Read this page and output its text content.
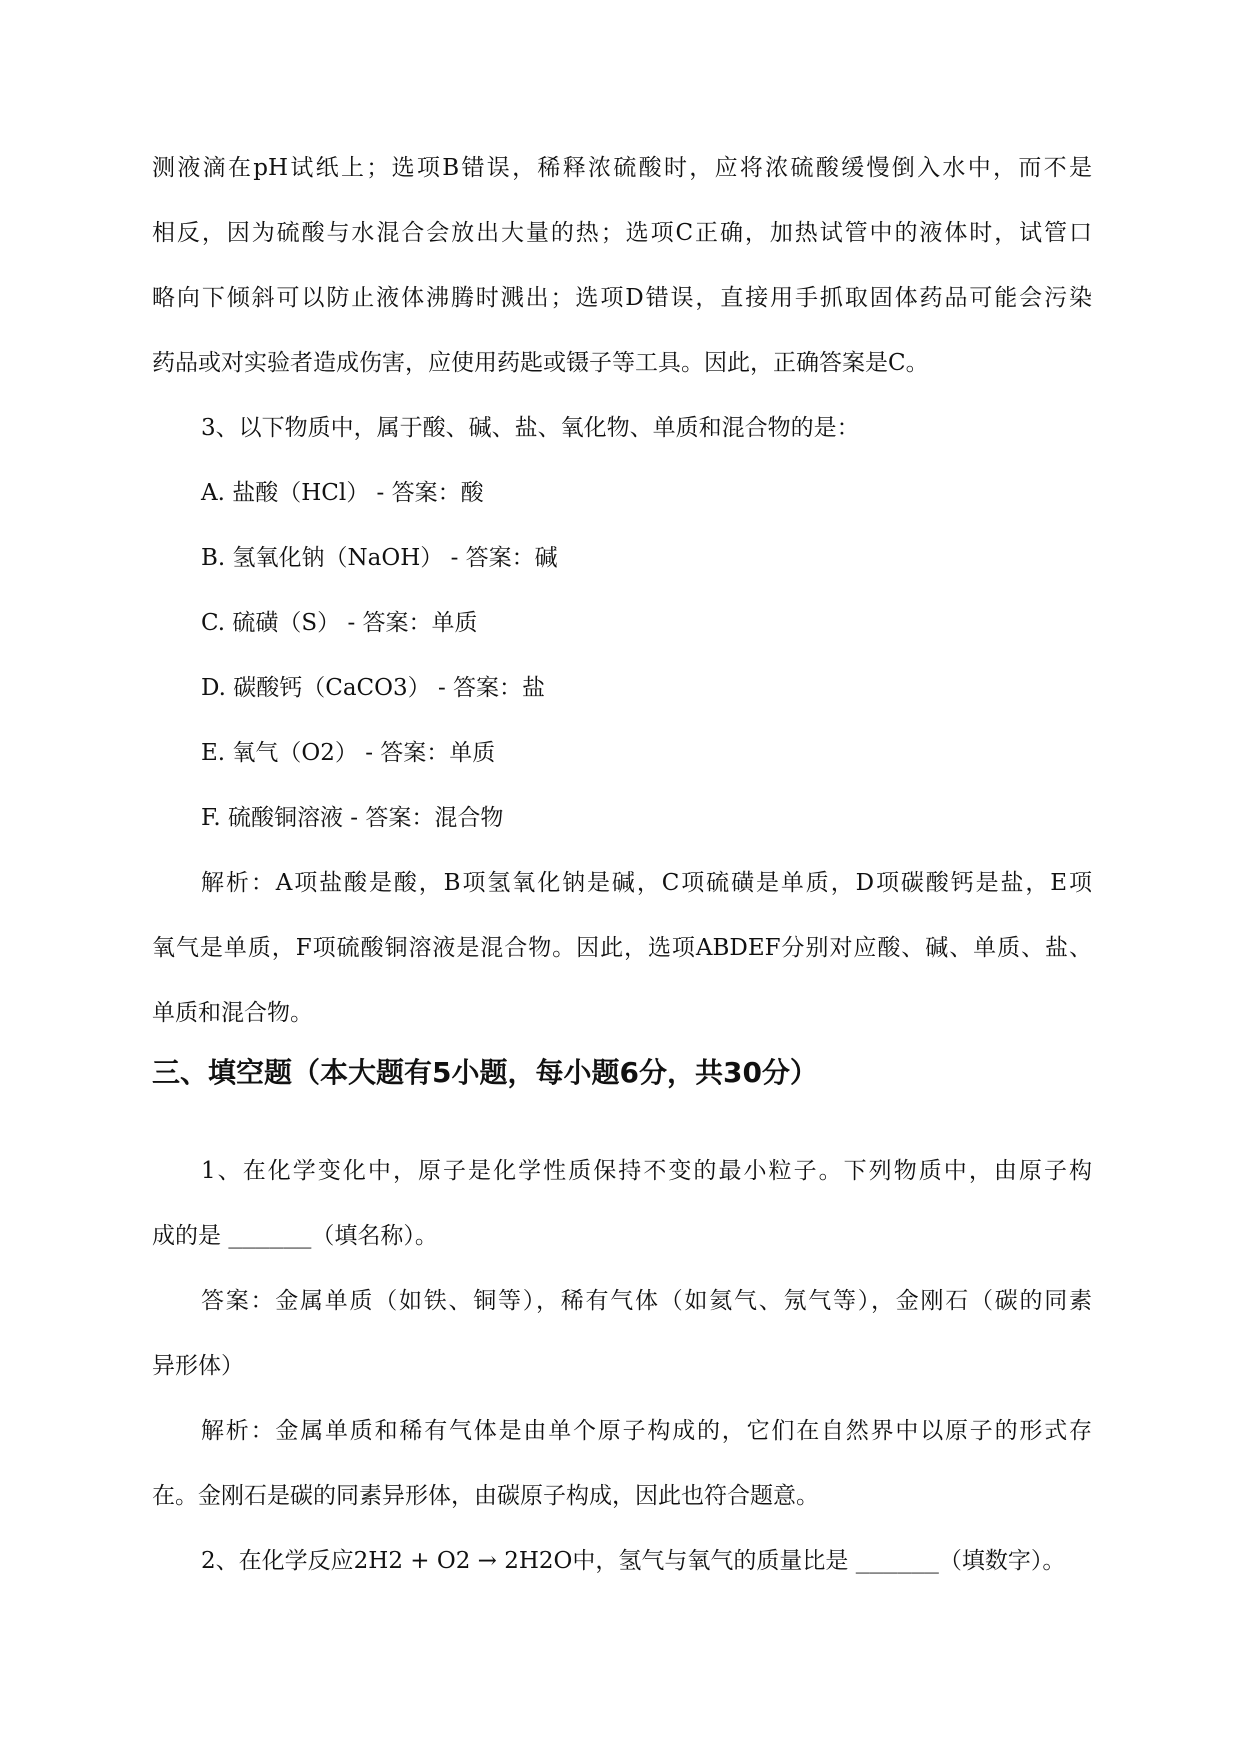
测液滴在pH试纸上；选项B错误，稀释浓硫酸时，应将浓硫酸缓慢倒入水中，而不是
相反，因为硫酸与水混合会放出大量的热；选项C正确，加热试管中的液体时，试管口
略向下倾斜可以防止液体沸腾时溅出；选项D错误，直接用手抓取固体药品可能会污染
药品或对实验者造成伤害，应使用药匙或镊子等工具。因此，正确答案是C。
3、以下物质中，属于酸、碱、盐、氧化物、单质和混合物的是：
A. 盐酸（HCl） - 答案：酸
B. 氢氧化钠（NaOH） - 答案：碱
C. 硫磺（S） - 答案：单质
D. 碳酸钙（CaCO3） - 答案：盐
E. 氧气（O2） - 答案：单质
F. 硫酸铜溶液 - 答案：混合物
解析：A项盐酸是酸，B项氢氧化钠是碱，C项硫磺是单质，D项碳酸钙是盐，E项
氧气是单质，F项硫酸铜溶液是混合物。因此，选项ABDEF分别对应酸、碱、单质、盐、
单质和混合物。
三、填空题（本大题有5小题，每小题6分，共30分）
1、在化学变化中，原子是化学性质保持不变的最小粒子。下列物质中，由原子构
成的是 ______（填名称）。
答案：金属单质（如铁、铜等），稀有气体（如氦气、氖气等），金刚石（碳的同素
异形体）
解析：金属单质和稀有气体是由单个原子构成的，它们在自然界中以原子的形式存
在。金刚石是碳的同素异形体，由碳原子构成，因此也符合题意。
2、在化学反应2H2 + O2 → 2H2O中，氢气与氧气的质量比是 ______（填数字）。
